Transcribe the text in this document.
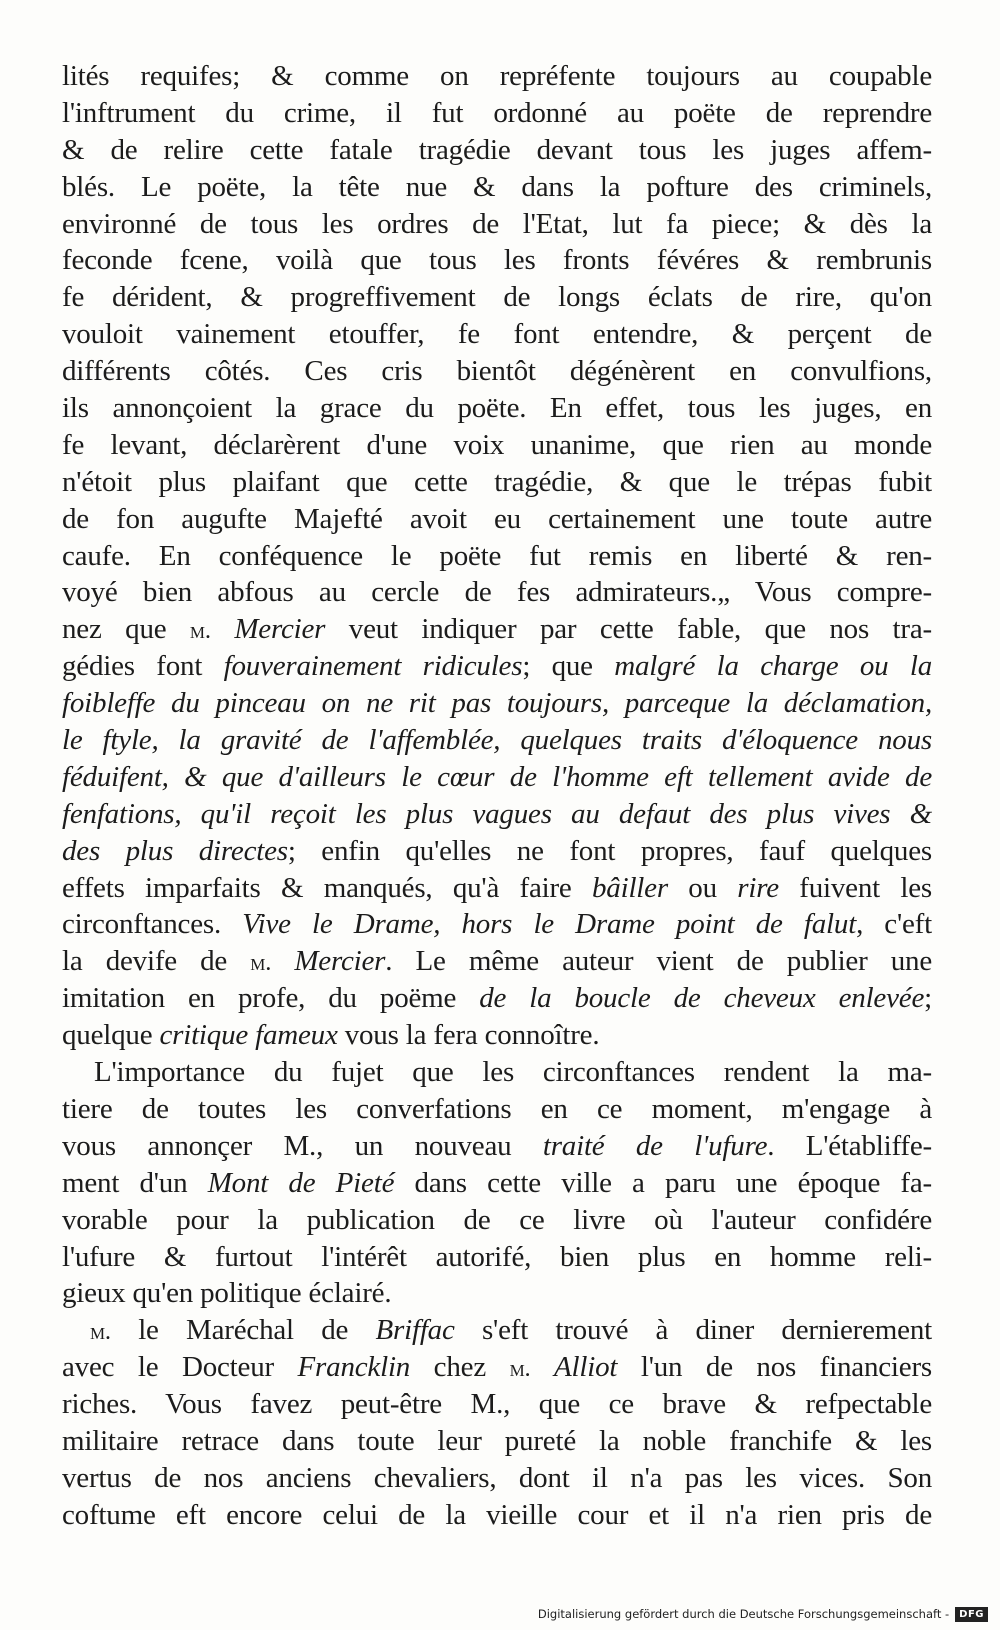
lités requifes; & comme on repréfente toujours au coupable
l'inftrument du crime, il fut ordonné au poëte de reprendre
& de relire cette fatale tragédie devant tous les juges affem-
blés. Le poëte, la tête nue & dans la pofture des criminels,
environné de tous les ordres de l'Etat, lut fa piece; & dès la
feconde fcene, voilà que tous les fronts févéres & rembrunis
fe dérident, & progreffivement de longs éclats de rire, qu'on
vouloit vainement etouffer, fe font entendre, & perçent de
différents côtés. Ces cris bientôt dégénèrent en convulfions,
ils annonçoient la grace du poëte. En effet, tous les juges, en
fe levant, déclarèrent d'une voix unanime, que rien au monde
n'étoit plus plaifant que cette tragédie, & que le trépas fubit
de fon augufte Majefté avoit eu certainement une toute autre
caufe. En conféquence le poëte fut remis en liberté & ren-
voyé bien abfous au cercle de fes admirateurs.„ Vous compre-
nez que m. Mercier veut indiquer par cette fable, que nos tra-
gédies font fouverainement ridicules; que malgré la charge ou la
foibleffe du pinceau on ne rit pas toujours, parceque la déclamation,
le ftyle, la gravité de l'affemblée, quelques traits d'éloquence nous
féduifent, & que d'ailleurs le cœur de l'homme eft tellement avide de
fenfations, qu'il reçoit les plus vagues au defaut des plus vives &
des plus directes; enfin qu'elles ne font propres, fauf quelques
effets imparfaits & manqués, qu'à faire bâiller ou rire fuivent les
circonftances. Vive le Drame, hors le Drame point de falut, c'eft
la devife de m. Mercier. Le même auteur vient de publier une
imitation en profe, du poëme de la boucle de cheveux enlevée;
quelque critique fameux vous la fera connoître.
L'importance du fujet que les circonftances rendent la ma-
tiere de toutes les converfations en ce moment, m'engage à
vous annonçer M., un nouveau traité de l'ufure. L'établiffe-
ment d'un Mont de Pieté dans cette ville a paru une époque fa-
vorable pour la publication de ce livre où l'auteur confidére
l'ufure & furtout l'intérêt autorifé, bien plus en homme reli-
gieux qu'en politique éclairé.
m. le Maréchal de Briffac s'eft trouvé à diner dernierement
avec le Docteur Francklin chez m. Alliot l'un de nos financiers
riches. Vous favez peut-être M., que ce brave & refpectable
militaire retrace dans toute leur pureté la noble franchife & les
vertus de nos anciens chevaliers, dont il n'a pas les vices. Son
coftume eft encore celui de la vieille cour et il n'a rien pris de
Digitalisierung gefördert durch die Deutsche Forschungsgemeinschaft -	DFG
